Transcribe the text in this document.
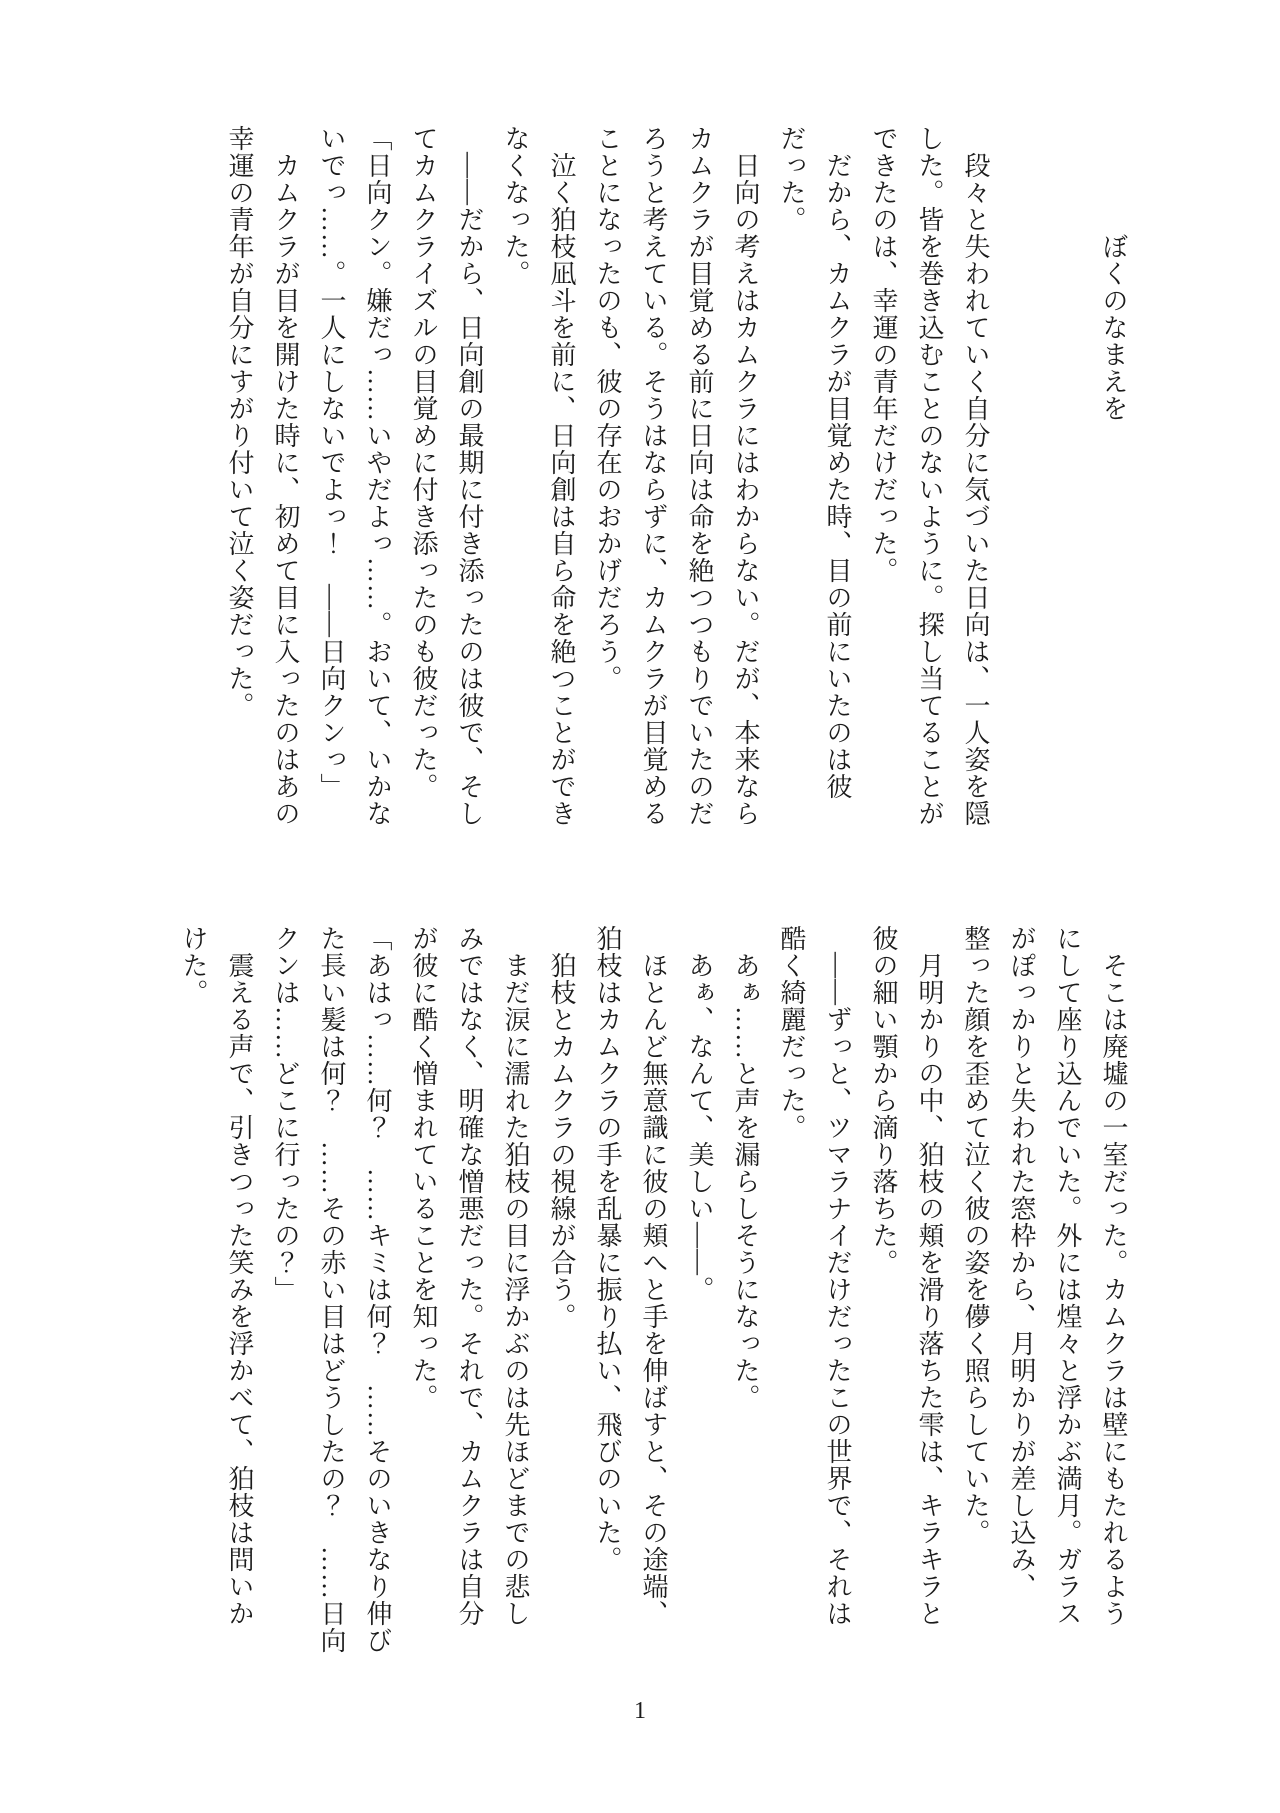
　　　　ぼくのなまえを
　段々と失われていく自分に気づいた日向は、一人姿を隠
した。皆を巻き込むことのないように。探し当てることが
できたのは、幸運の青年だけだった。
　だから、カムクラが目覚めた時、目の前にいたのは彼
だった。
　日向の考えはカムクラにはわからない。だが、本来なら
カムクラが目覚める前に日向は命を絶つつもりでいたのだ
ろうと考えている。そうはならずに、カムクラが目覚める
ことになったのも、彼の存在のおかげだろう。
　泣く狛枝凪斗を前に、日向創は自ら命を絶つことができ
なくなった。
　――だから、日向創の最期に付き添ったのは彼で、そし
てカムクライズルの目覚めに付き添ったのも彼だった。
「日向クン。嫌だっ……いやだよっ……。おいて、いかな
いでっ……。一人にしないでよっ！　――日向クンっ」
　カムクラが目を開けた時に、初めて目に入ったのはあの
幸運の青年が自分にすがり付いて泣く姿だった。
　そこは廃墟の一室だった。カムクラは壁にもたれるよう
にして座り込んでいた。外には煌々と浮かぶ満月。ガラス
がぽっかりと失われた窓枠から、月明かりが差し込み、
整った顔を歪めて泣く彼の姿を儚く照らしていた。
　月明かりの中、狛枝の頬を滑り落ちた雫は、キラキラと
彼の細い顎から滴り落ちた。
　――ずっと、ツマラナイだけだったこの世界で、それは
酷く綺麗だった。
　あぁ……と声を漏らしそうになった。
　あぁ、なんて、美しい――。
　ほとんど無意識に彼の頬へと手を伸ばすと、その途端、
狛枝はカムクラの手を乱暴に振り払い、飛びのいた。
　狛枝とカムクラの視線が合う。
　まだ涙に濡れた狛枝の目に浮かぶのは先ほどまでの悲し
みではなく、明確な憎悪だった。それで、カムクラは自分
が彼に酷く憎まれていることを知った。
「あはっ……何？　……キミは何？　……そのいきなり伸び
た長い髪は何？　……その赤い目はどうしたの？　……日向
クンは……どこに行ったの？」
　震える声で、引きつった笑みを浮かべて、狛枝は問いか
けた。
1
